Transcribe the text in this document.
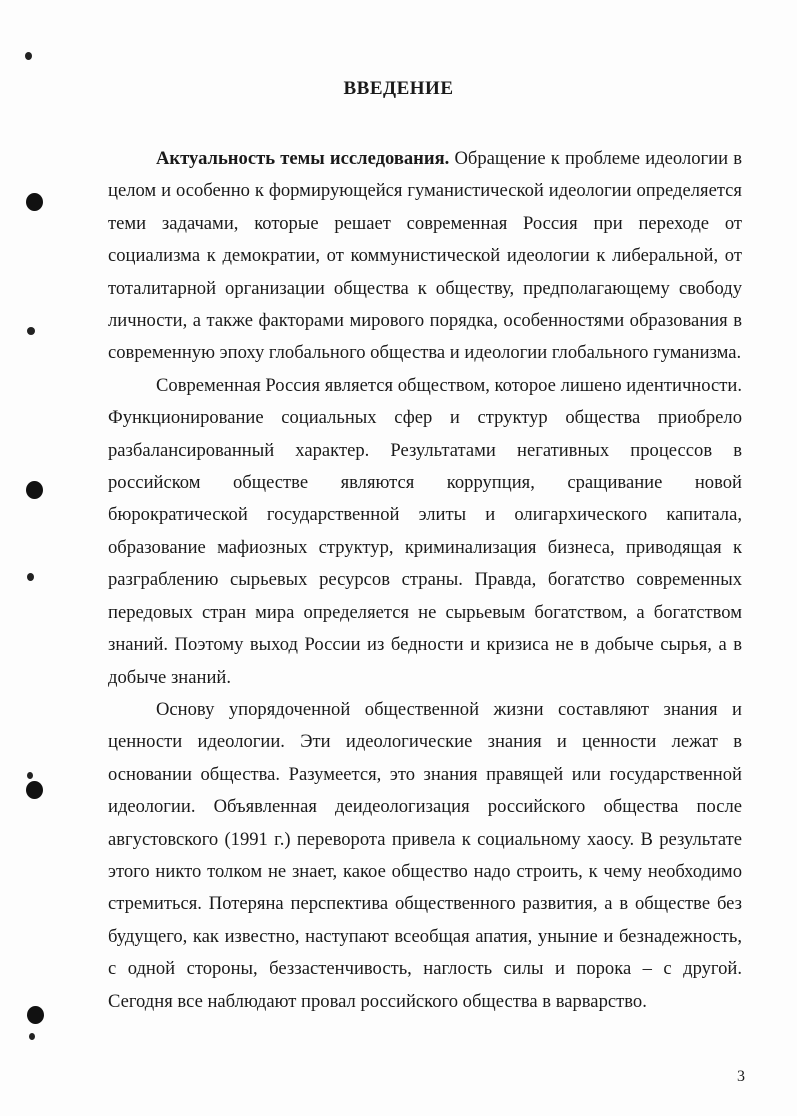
ВВЕДЕНИЕ

Актуальность темы исследования. Обращение к проблеме идеологии в целом и особенно к формирующейся гуманистической идеологии определяется теми задачами, которые решает современная Россия при переходе от социализма к демократии, от коммунистической идеологии к либеральной, от тоталитарной организации общества к обществу, предполагающему свободу личности, а также факторами мирового порядка, особенностями образования в современную эпоху глобального общества и идеологии глобального гуманизма.

Современная Россия является обществом, которое лишено идентичности. Функционирование социальных сфер и структур общества приобрело разбалансированный характер. Результатами негативных процессов в российском обществе являются коррупция, сращивание новой бюрократической государственной элиты и олигархического капитала, образование мафиозных структур, криминализация бизнеса, приводящая к разграблению сырьевых ресурсов страны. Правда, богатство современных передовых стран мира определяется не сырьевым богатством, а богатством знаний. Поэтому выход России из бедности и кризиса не в добыче сырья, а в добыче знаний.

Основу упорядоченной общественной жизни составляют знания и ценности идеологии. Эти идеологические знания и ценности лежат в основании общества. Разумеется, это знания правящей или государственной идеологии. Объявленная деидеологизация российского общества после августовского (1991 г.) переворота привела к социальному хаосу. В результате этого никто толком не знает, какое общество надо строить, к чему необходимо стремиться. Потеряна перспектива общественного развития, а в обществе без будущего, как известно, наступают всеобщая апатия, уныние и безнадежность, с одной стороны, беззастенчивость, наглость силы и порока – с другой. Сегодня все наблюдают провал российского общества в варварство.

3
